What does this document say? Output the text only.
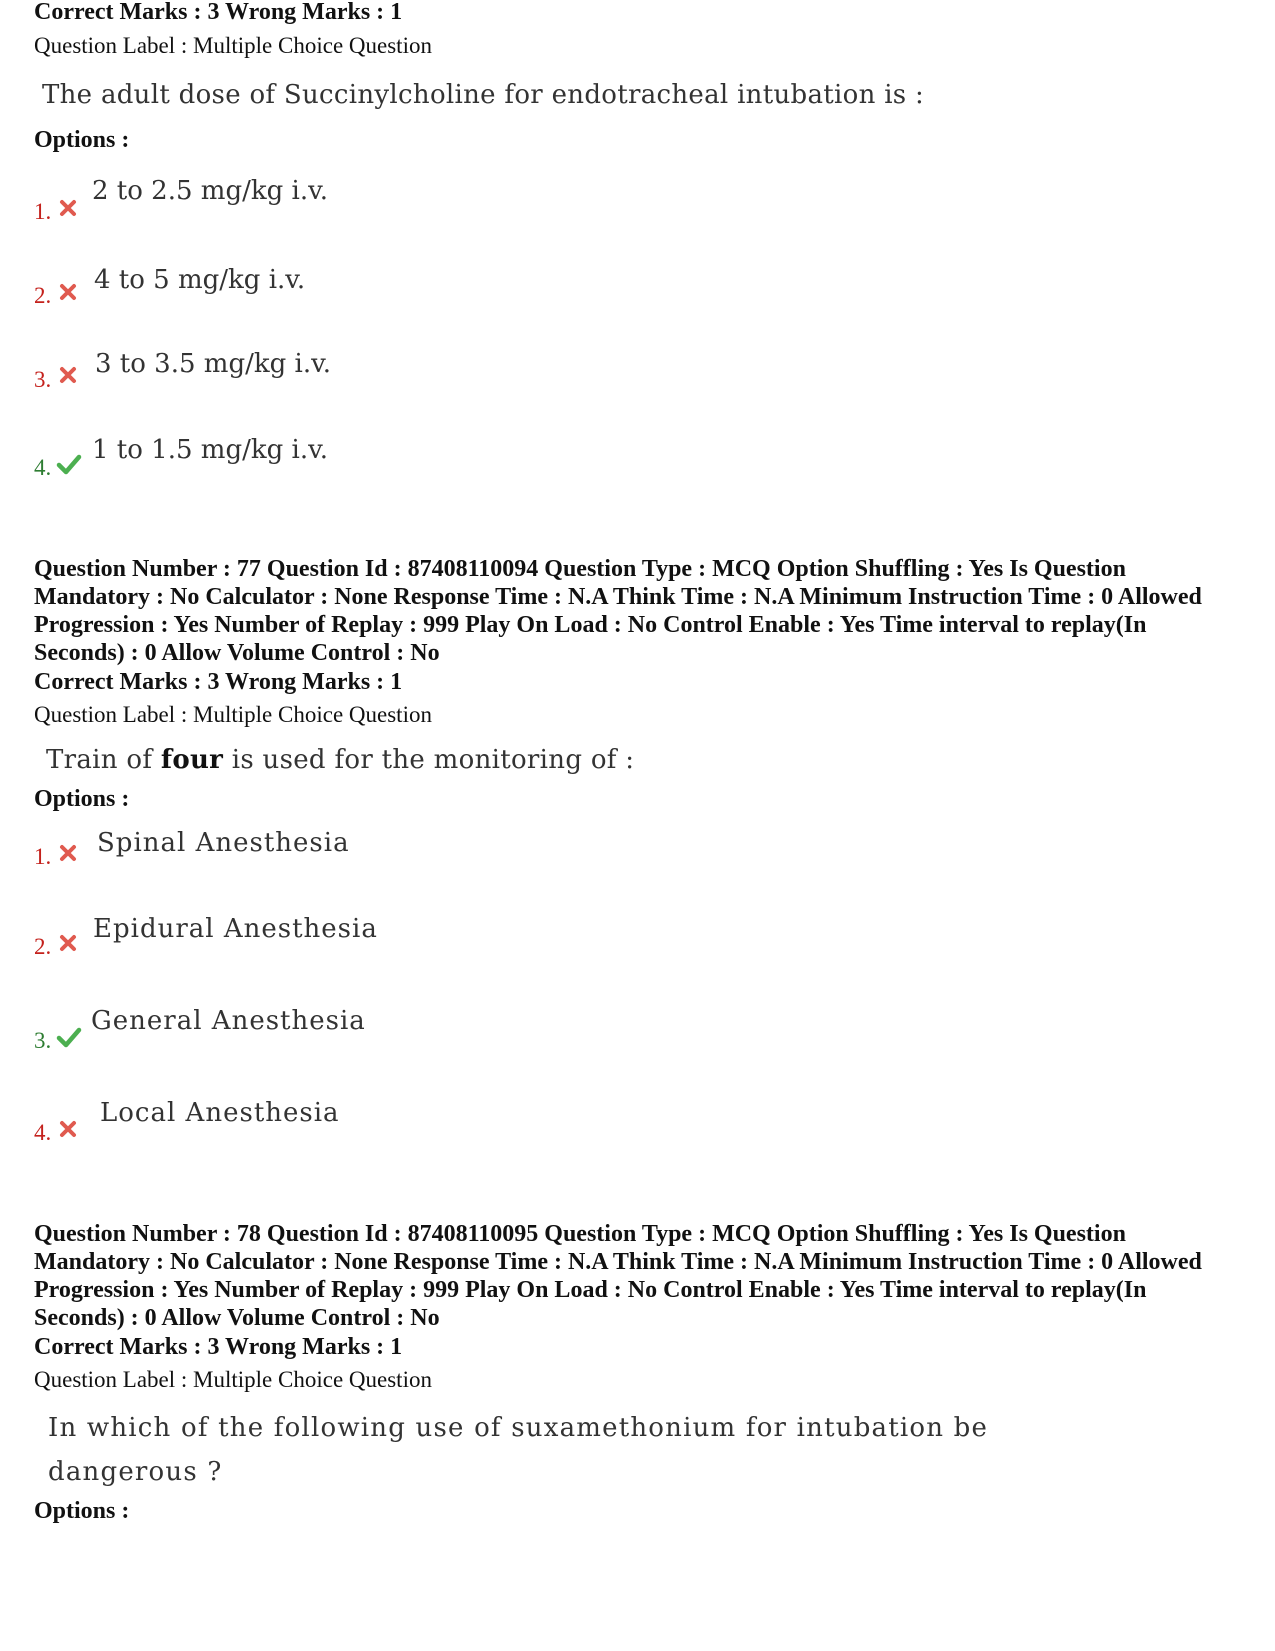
Correct Marks : 3 Wrong Marks : 1
Question Label : Multiple Choice Question
The adult dose of Succinylcholine for endotracheal intubation is :
Options :
1.
2 to 2.5 mg/kg i.v.
2.
4 to 5 mg/kg i.v.
3.
3 to 3.5 mg/kg i.v.
4.
1 to 1.5 mg/kg i.v.
Question Number : 77 Question Id : 87408110094 Question Type : MCQ Option Shuffling : Yes Is Question Mandatory : No Calculator : None Response Time : N.A Think Time : N.A Minimum Instruction Time : 0 Allowed Progression : Yes Number of Replay : 999 Play On Load : No Control Enable : Yes Time interval to replay(In Seconds) : 0 Allow Volume Control : No
Correct Marks : 3 Wrong Marks : 1
Question Label : Multiple Choice Question
Train of four is used for the monitoring of :
Options :
1. Spinal Anesthesia
2.
Epidural Anesthesia
3.
General Anesthesia
4.
Local Anesthesia
Question Number : 78 Question Id : 87408110095 Question Type : MCQ Option Shuffling : Yes Is Question Mandatory : No Calculator : None Response Time : N.A Think Time : N.A Minimum Instruction Time : 0 Allowed Progression : Yes Number of Replay : 999 Play On Load : No Control Enable : Yes Time interval to replay(In Seconds) : 0 Allow Volume Control : No
Correct Marks : 3 Wrong Marks : 1
Question Label : Multiple Choice Question
In which of the following use of suxamethonium for intubation be
dangerous ?
Options :
